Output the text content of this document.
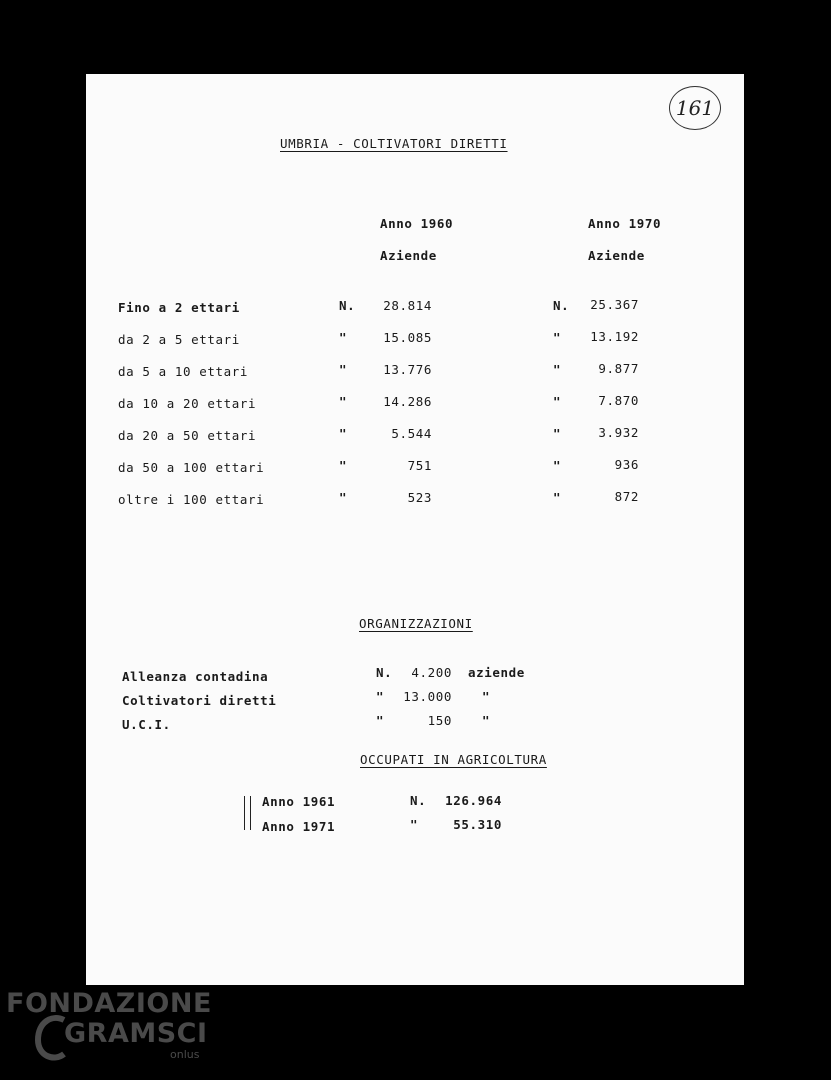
161
UMBRIA - COLTIVATORI DIRETTI
Anno 1960	Anno 1970
Aziende	Aziende
Fino a 2 ettari	N.	28.814	N.	25.367
da 2 a 5 ettari	"	15.085	"	13.192
da 5 a 10 ettari	"	13.776	"	9.877
da 10 a 20 ettari	"	14.286	"	7.870
da 20 a 50 ettari	"	5.544	"	3.932
da 50 a 100 ettari	"	751	"	936
oltre i 100 ettari	"	523	"	872
ORGANIZZAZIONI
Alleanza contadina	N.	4.200 aziende
Coltivatori diretti	"	13.000 "
U.C.I.	"	150 "
OCCUPATI IN AGRICOLTURA
Anno 1961	N.	126.964
Anno 1971	"	55.310
FONDAZIONE
GRAMSCI
onlus
